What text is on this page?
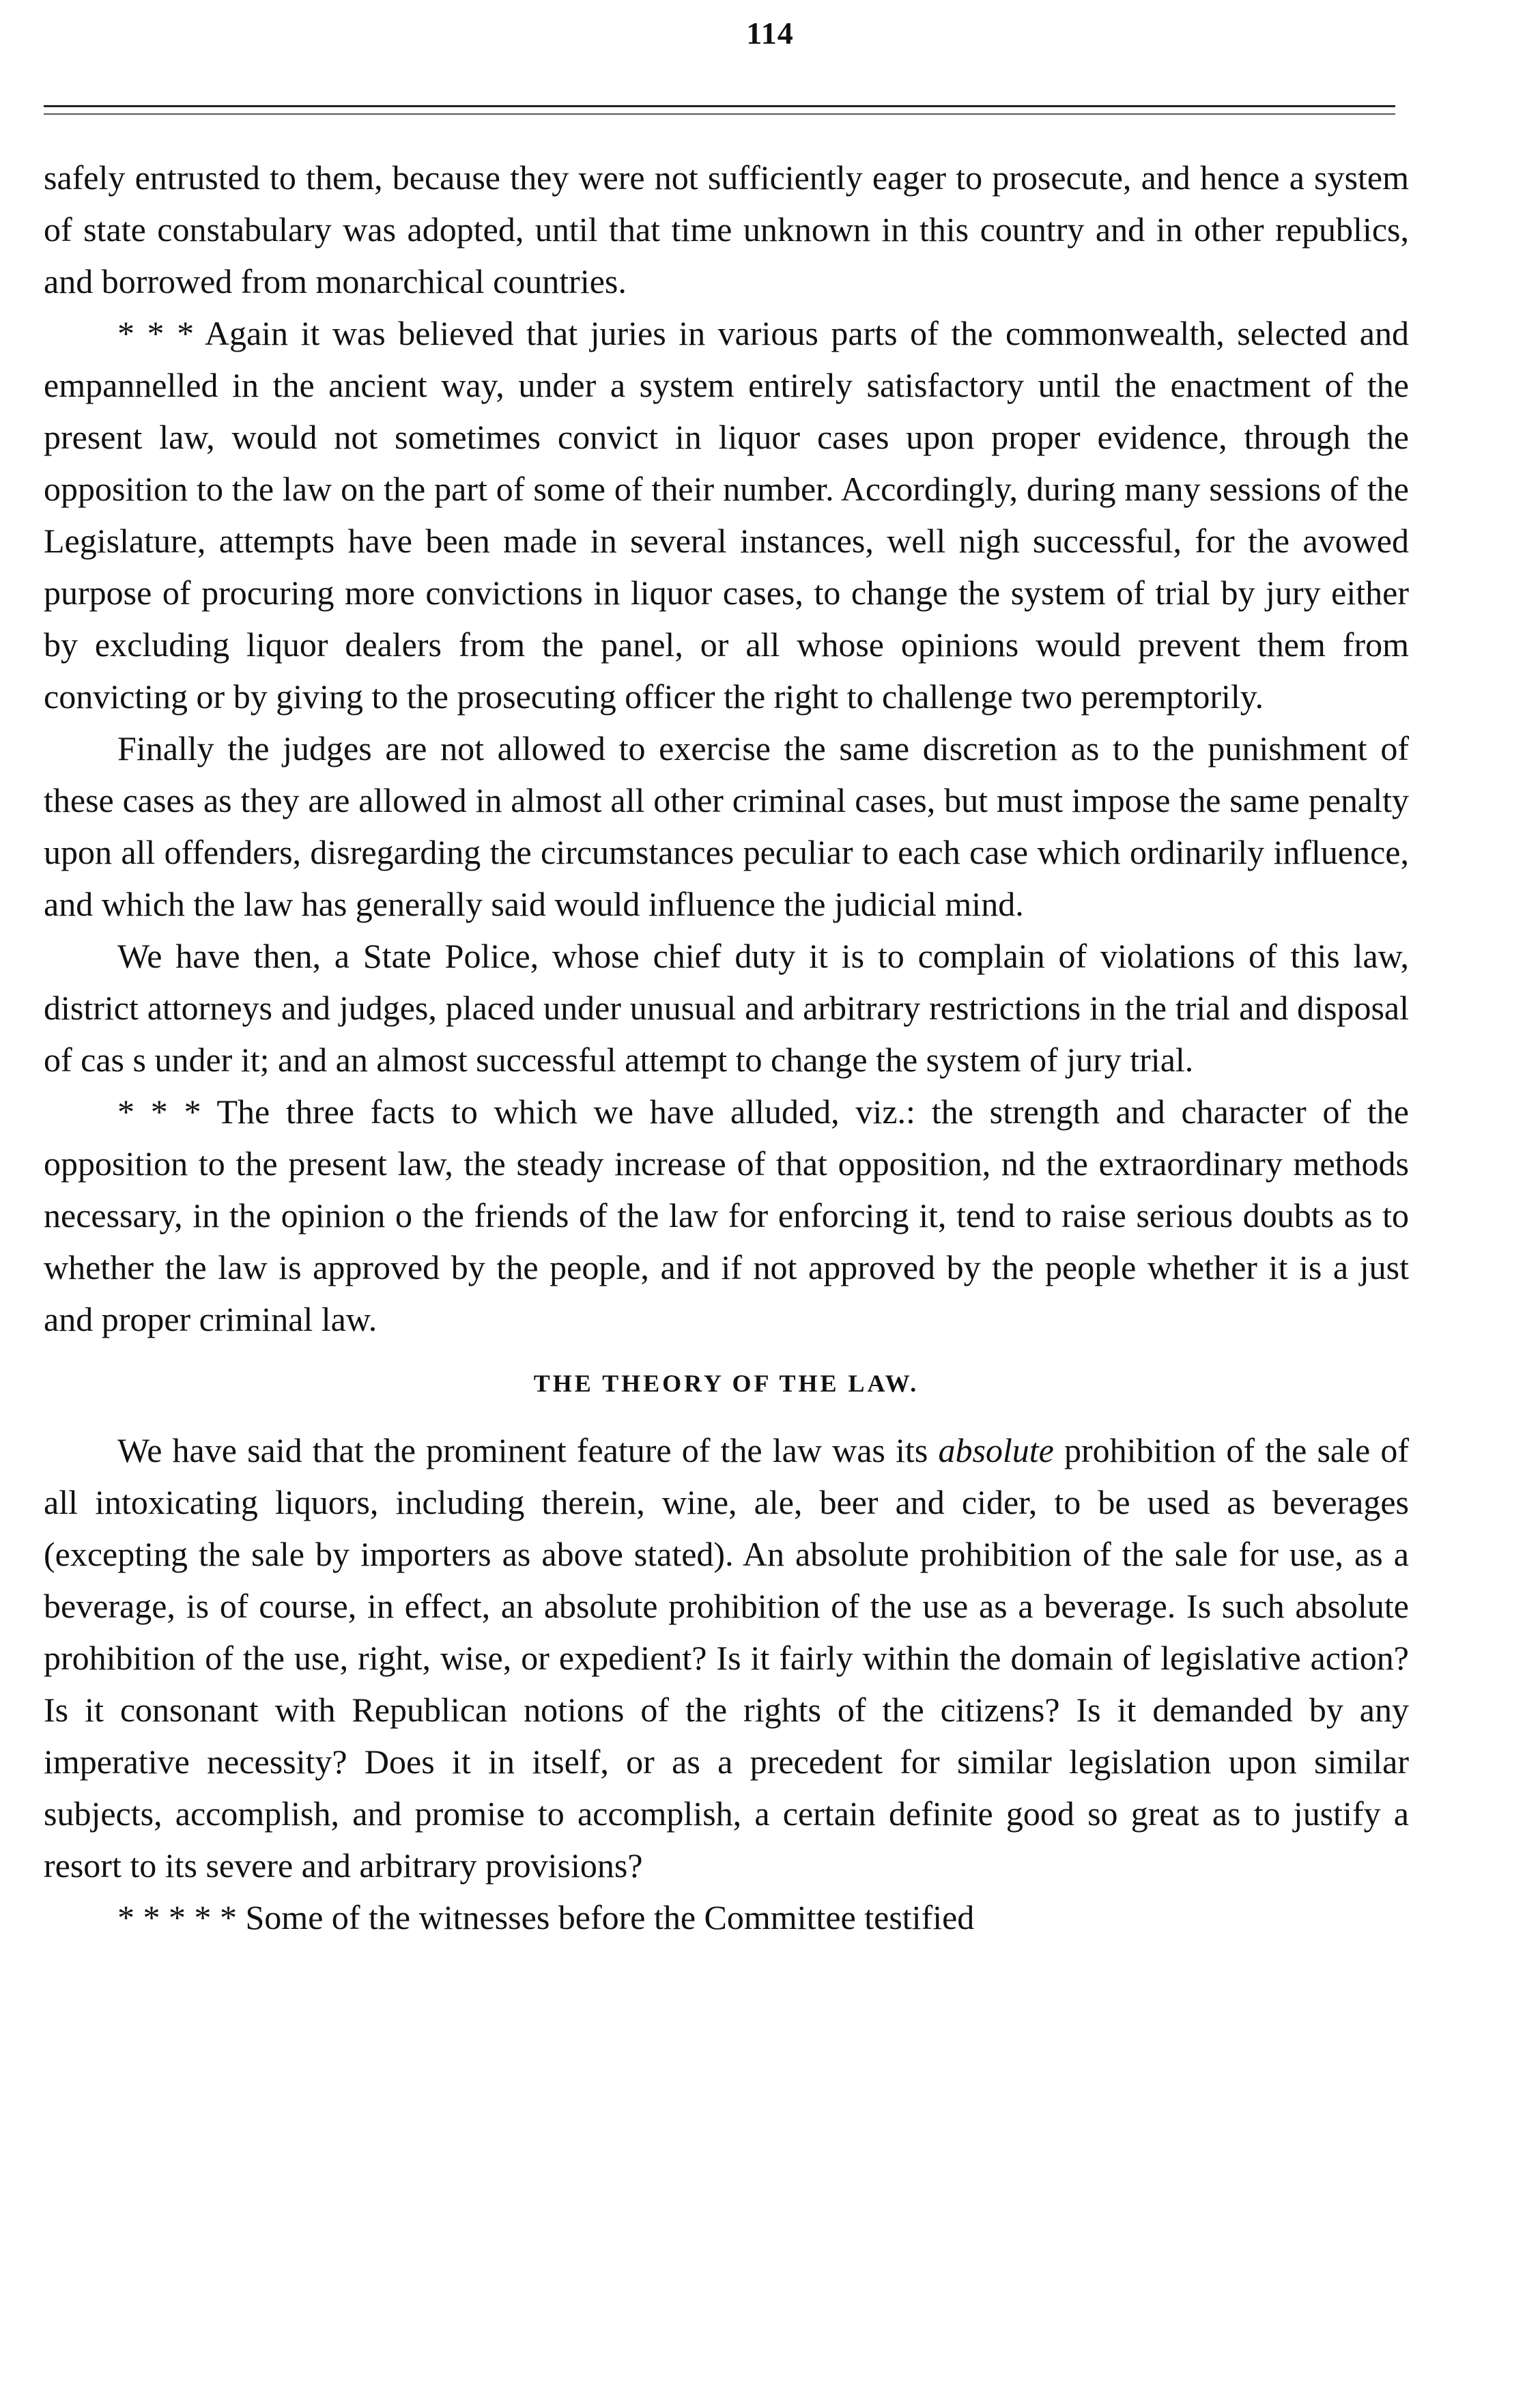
114

safely entrusted to them, because they were not sufficiently eager to prosecute, and hence a system of state constabulary was adopted, until that time unknown in this country and in other republics, and borrowed from monarchical countries.

* * * Again it was believed that juries in various parts of the commonwealth, selected and empannelled in the ancient way, under a system entirely satisfactory until the enactment of the present law, would not sometimes convict in liquor cases upon proper evidence, through the opposition to the law on the part of some of their number. Accordingly, during many sessions of the Legislature, attempts have been made in several instances, well nigh successful, for the avowed purpose of procuring more convictions in liquor cases, to change the system of trial by jury either by excluding liquor dealers from the panel, or all whose opinions would prevent them from convicting or by giving to the prosecuting officer the right to challenge two peremptorily.

Finally the judges are not allowed to exercise the same discretion as to the punishment of these cases as they are allowed in almost all other criminal cases, but must impose the same penalty upon all offenders, disregarding the circumstances peculiar to each case which ordinarily influence, and which the law has generally said would influence the judicial mind.

We have then, a State Police, whose chief duty it is to complain of violations of this law, district attorneys and judges, placed under unusual and arbitrary restrictions in the trial and disposal of cas s under it; and an almost successful attempt to change the system of jury trial.

* * * The three facts to which we have alluded, viz.: the strength and character of the opposition to the present law, the steady increase of that opposition, nd the extraordinary methods necessary, in the opinion o the friends of the law for enforcing it, tend to raise serious doubts as to whether the law is approved by the people, and if not approved by the people whether it is a just and proper criminal law.

THE THEORY OF THE LAW.

We have said that the prominent feature of the law was its absolute prohibition of the sale of all intoxicating liquors, including therein, wine, ale, beer and cider, to be used as beverages (excepting the sale by importers as above stated). An absolute prohibition of the sale for use, as a beverage, is of course, in effect, an absolute prohibition of the use as a beverage. Is such absolute prohibition of the use, right, wise, or expedient? Is it fairly within the domain of legislative action? Is it consonant with Republican notions of the rights of the citizens? Is it demanded by any imperative necessity? Does it in itself, or as a precedent for similar legislation upon similar subjects, accomplish, and promise to accomplish, a certain definite good so great as to justify a resort to its severe and arbitrary provisions?

* * * * * Some of the witnesses before the Committee testified
